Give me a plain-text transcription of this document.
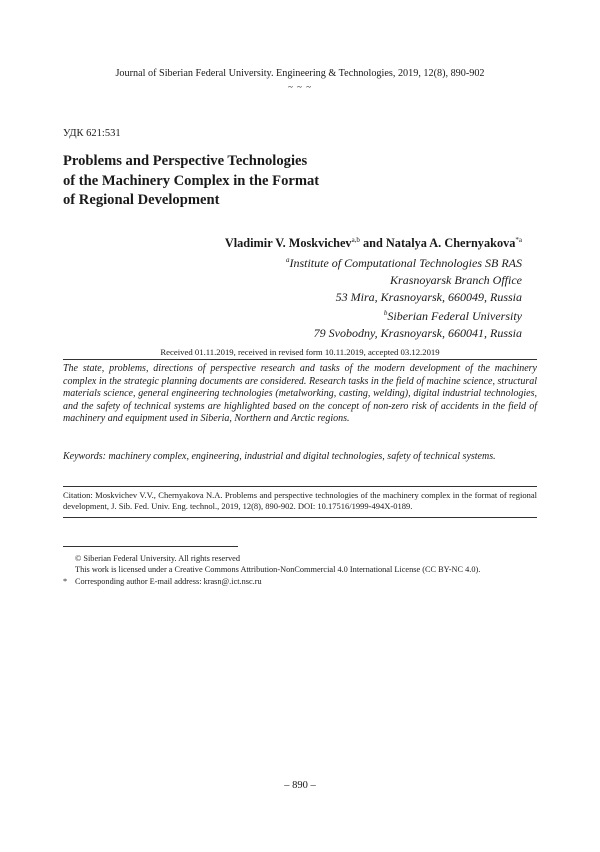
Journal of Siberian Federal University. Engineering & Technologies, 2019, 12(8), 890-902
~ ~ ~
УДК 621:531
Problems and Perspective Technologies
of the Machinery Complex in the Format
of Regional Development
Vladimir V. Moskvichev$^{a,b}$ and Natalya A. Chernyakova$^{*a}$
$^a$Institute of Computational Technologies SB RAS
Krasnoyarsk Branch Office
53 Mira, Krasnoyarsk, 660049, Russia
$^b$Siberian Federal University
79 Svobodny, Krasnoyarsk, 660041, Russia
Received 01.11.2019, received in revised form 10.11.2019, accepted 03.12.2019
The state, problems, directions of perspective research and tasks of the modern development of the machinery complex in the strategic planning documents are considered. Research tasks in the field of machine science, structural materials science, general engineering technologies (metalworking, casting, welding), digital industrial technologies, and the safety of technical systems are highlighted based on the concept of non-zero risk of accidents in the field of machinery and equipment used in Siberia, Northern and Arctic regions.
Keywords: machinery complex, engineering, industrial and digital technologies, safety of technical systems.
Citation: Moskvichev V.V., Chernyakova N.A. Problems and perspective technologies of the machinery complex in the format of regional development, J. Sib. Fed. Univ. Eng. technol., 2019, 12(8), 890-902. DOI: 10.17516/1999-494X-0189.
© Siberian Federal University. All rights reserved
This work is licensed under a Creative Commons Attribution-NonCommercial 4.0 International License (CC BY-NC 4.0).
* Corresponding author E-mail address: krasn@.ict.nsc.ru
– 890 –
